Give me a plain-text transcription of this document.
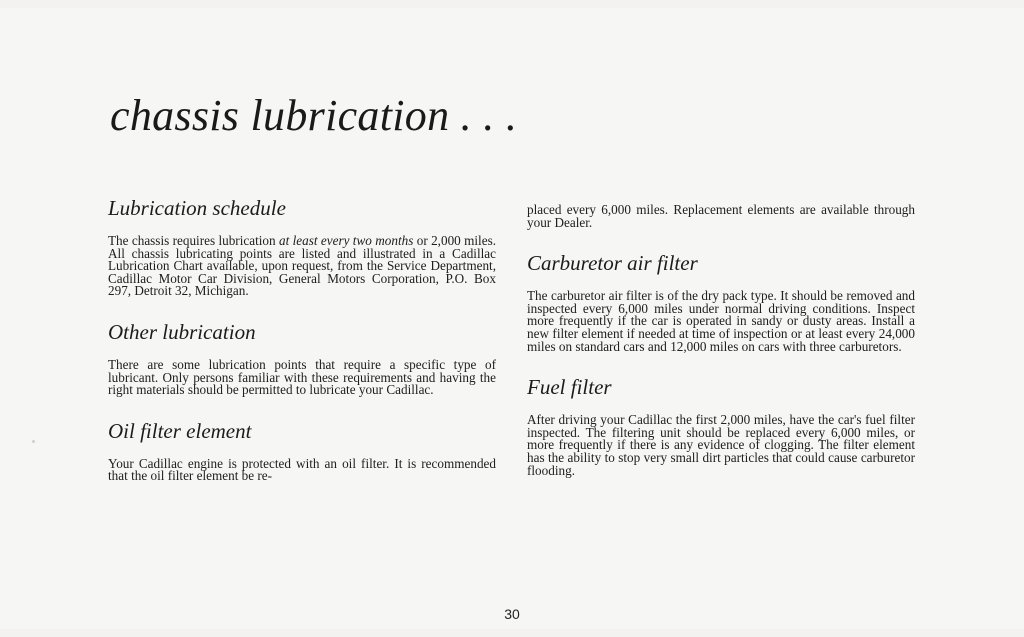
chassis lubrication . . .
Lubrication schedule

The chassis requires lubrication at least every two months or 2,000 miles. All chassis lubricating points are listed and illustrated in a Cadillac Lubrication Chart available, upon request, from the Service Department, Cadillac Motor Car Division, General Motors Corporation, P.O. Box 297, Detroit 32, Michigan.

Other lubrication

There are some lubrication points that require a specific type of lubricant. Only persons familiar with these requirements and having the right materials should be permitted to lubricate your Cadillac.

Oil filter element

Your Cadillac engine is protected with an oil filter. It is recommended that the oil filter element be re-

placed every 6,000 miles. Replacement elements are available through your Dealer.

Carburetor air filter

The carburetor air filter is of the dry pack type. It should be removed and inspected every 6,000 miles under normal driving conditions. Inspect more frequently if the car is operated in sandy or dusty areas. Install a new filter element if needed at time of inspection or at least every 24,000 miles on standard cars and 12,000 miles on cars with three carburetors.

Fuel filter

After driving your Cadillac the first 2,000 miles, have the car's fuel filter inspected. The filtering unit should be replaced every 6,000 miles, or more frequently if there is any evidence of clogging. The filter element has the ability to stop very small dirt particles that could cause carburetor flooding.

30
